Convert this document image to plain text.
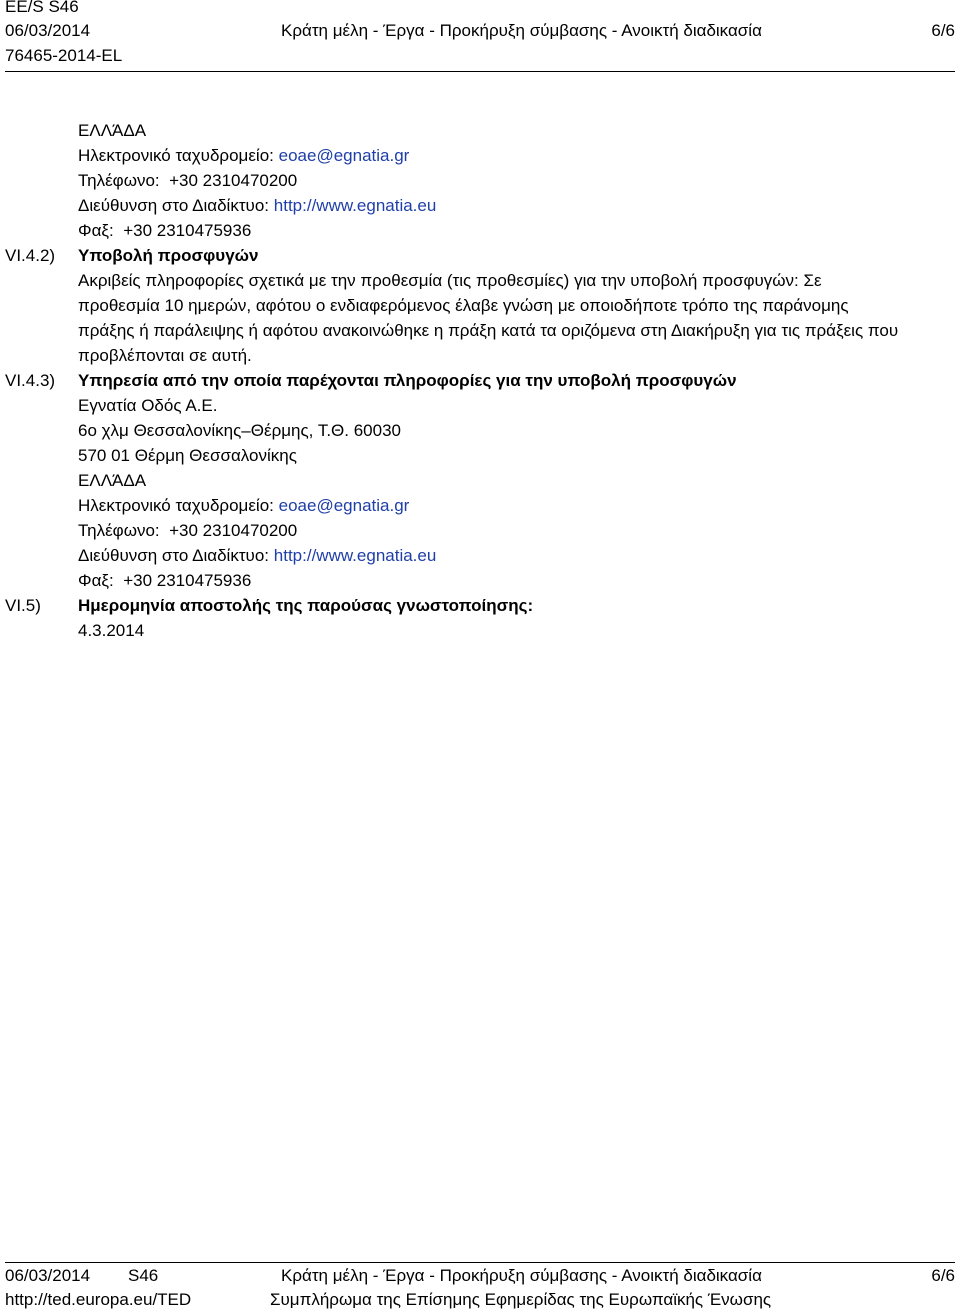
EE/S S46
06/03/2014
76465-2014-EL
Κράτη μέλη - Έργα - Προκήρυξη σύμβασης - Ανοικτή διαδικασία	6/6
ΕΛΛΆΔΑ
Ηλεκτρονικό ταχυδρομείο: eoae@egnatia.gr
Τηλέφωνο: +30 2310470200
Διεύθυνση στο Διαδίκτυο: http://www.egnatia.eu
Φαξ: +30 2310475936
VI.4.2)	Υποβολή προσφυγών
Ακριβείς πληροφορίες σχετικά με την προθεσμία (τις προθεσμίες) για την υποβολή προσφυγών: Σε
προθεσμία 10 ημερών, αφότου ο ενδιαφερόμενος έλαβε γνώση με οποιοδήποτε τρόπο της παράνομης
πράξης ή παράλειψης ή αφότου ανακοινώθηκε η πράξη κατά τα οριζόμενα στη Διακήρυξη για τις πράξεις που
προβλέπονται σε αυτή.
VI.4.3)	Υπηρεσία από την οποία παρέχονται πληροφορίες για την υποβολή προσφυγών
Εγνατία Οδός Α.Ε.
6ο χλμ Θεσσαλονίκης–Θέρμης, Τ.Θ. 60030
570 01 Θέρμη Θεσσαλονίκης
ΕΛΛΆΔΑ
Ηλεκτρονικό ταχυδρομείο: eoae@egnatia.gr
Τηλέφωνο: +30 2310470200
Διεύθυνση στο Διαδίκτυο: http://www.egnatia.eu
Φαξ: +30 2310475936
VI.5)	Ημερομηνία αποστολής της παρούσας γνωστοποίησης:
4.3.2014
06/03/2014 S46
http://ted.europa.eu/TED
Κράτη μέλη - Έργα - Προκήρυξη σύμβασης - Ανοικτή διαδικασία
Συμπλήρωμα της Επίσημης Εφημερίδας της Ευρωπαϊκής Ένωσης
6/6
